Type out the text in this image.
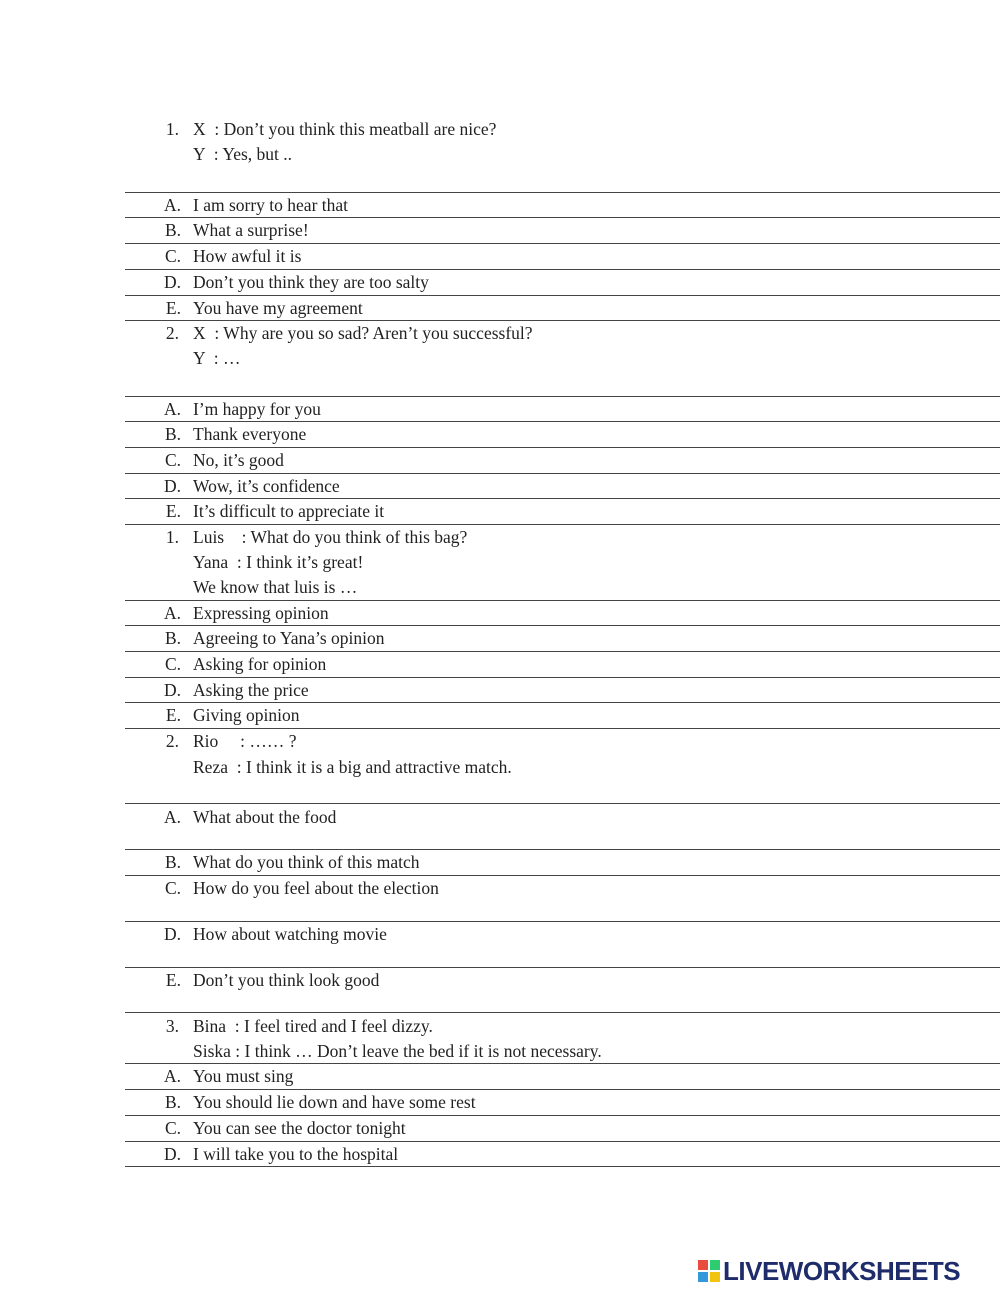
1. X  : Don’t you think this meatball are nice?
Y  : Yes, but ..
A. I am sorry to hear that
B. What a surprise!
C. How awful it is
D. Don’t you think they are too salty
E. You have my agreement
2. X  : Why are you so sad? Aren’t you successful?
Y  : …
A. I’m happy for you
B. Thank everyone
C. No, it’s good
D. Wow, it’s confidence
E. It’s difficult to appreciate it
1. Luis    : What do you think of this bag?
Yana  : I think it’s great!
We know that luis is …
A. Expressing opinion
B. Agreeing to Yana’s opinion
C. Asking for opinion
D. Asking the price
E. Giving opinion
2. Rio     : …… ?
Reza  : I think it is a big and attractive match.
A. What about the food
B. What do you think of this match
C. How do you feel about the election
D. How about watching movie
E. Don’t you think look good
3. Bina  : I feel tired and I feel dizzy.
Siska : I think … Don’t leave the bed if it is not necessary.
A. You must sing
B. You should lie down and have some rest
C. You can see the doctor tonight
D. I will take you to the hospital
LIVEWORKSHEETS
